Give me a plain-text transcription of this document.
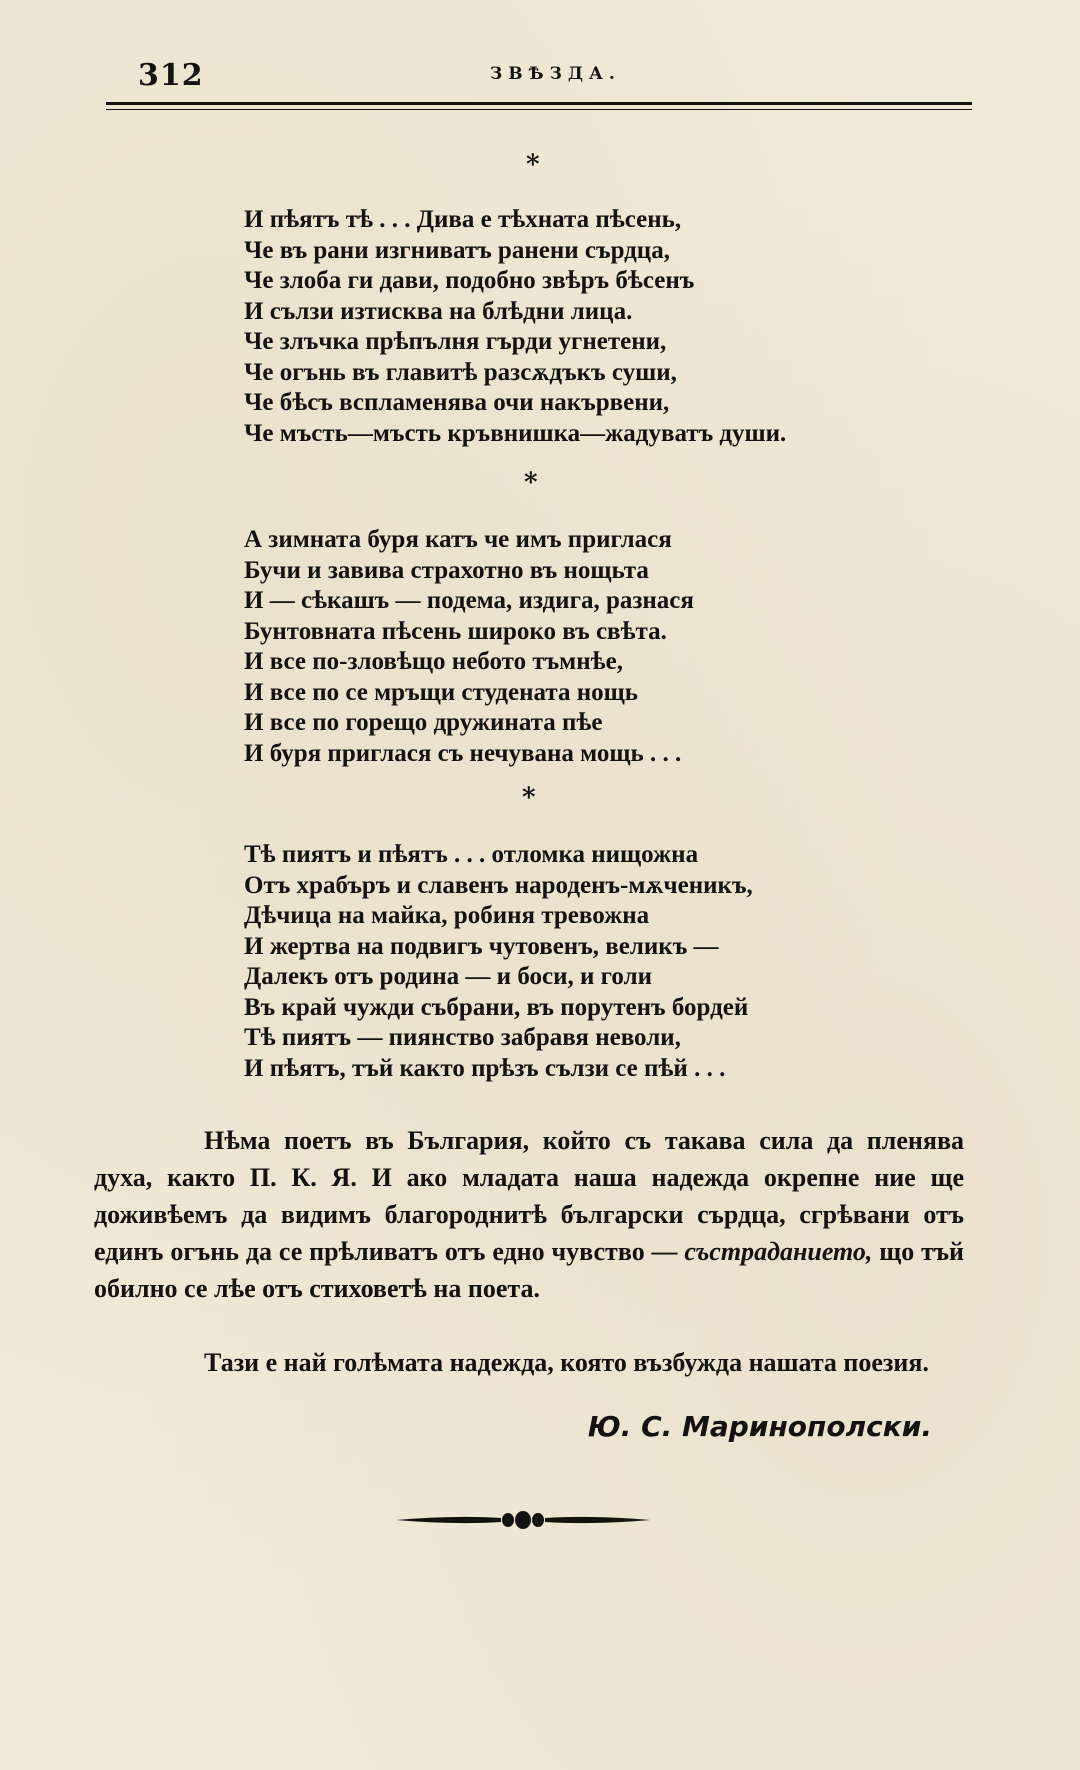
312	ЗВѢЗДА.
*
И пѣятъ тѣ . . . Дива е тѣхната пѣсень,
Че въ рани изгниватъ ранени сърдца,
Че злоба ги дави, подобно звѣръ бѣсенъ
И сълзи изтисква на блѣдни лица.
Че злъчка прѣпълня гърди угнетени,
Че огънь въ главитѣ разсѫдъкъ суши,
Че бѣсъ вспламенява очи накървени,
Че мъсть—мъсть кръвнишка—жадуватъ души.
*
А зимната буря катъ че имъ приглася
Бучи и завива страхотно въ нощьта
И — сѣкашъ — подема, издига, разнася
Бунтовната пѣсень широко въ свѣта.
И все по-зловѣщо небото тъмнѣе,
И все по се мръщи студената нощь
И все по горещо дружината пѣе
И буря приглася съ нечувана мощь . . .
*
Тѣ пиятъ и пѣятъ . . . отломка нищожна
Отъ храбъръ и славенъ народенъ-мѫченикъ,
Дѣчица на майка, робиня тревожна
И жертва на подвигъ чутовенъ, великъ —
Далекъ отъ родина — и боси, и голи
Въ край чужди събрани, въ порутенъ бордей
Тѣ пиятъ — пиянство забравя неволи,
И пѣятъ, тъй както прѣзъ сълзи се пѣй . . .

Нѣма поетъ въ България, който съ такава сила да пленява духа, както П. К. Я. И ако младата наша надежда окрепне ние ще доживѣемъ да видимъ благороднитѣ български сърдца, сгрѣвани отъ единъ огънь да се прѣливатъ отъ едно чувство — състраданието, що тъй обилно се лѣе отъ стиховетѣ на поета.

Тази е най голѣмата надежда, която възбужда нашата поезия.

Ю. С. Маринополски.
